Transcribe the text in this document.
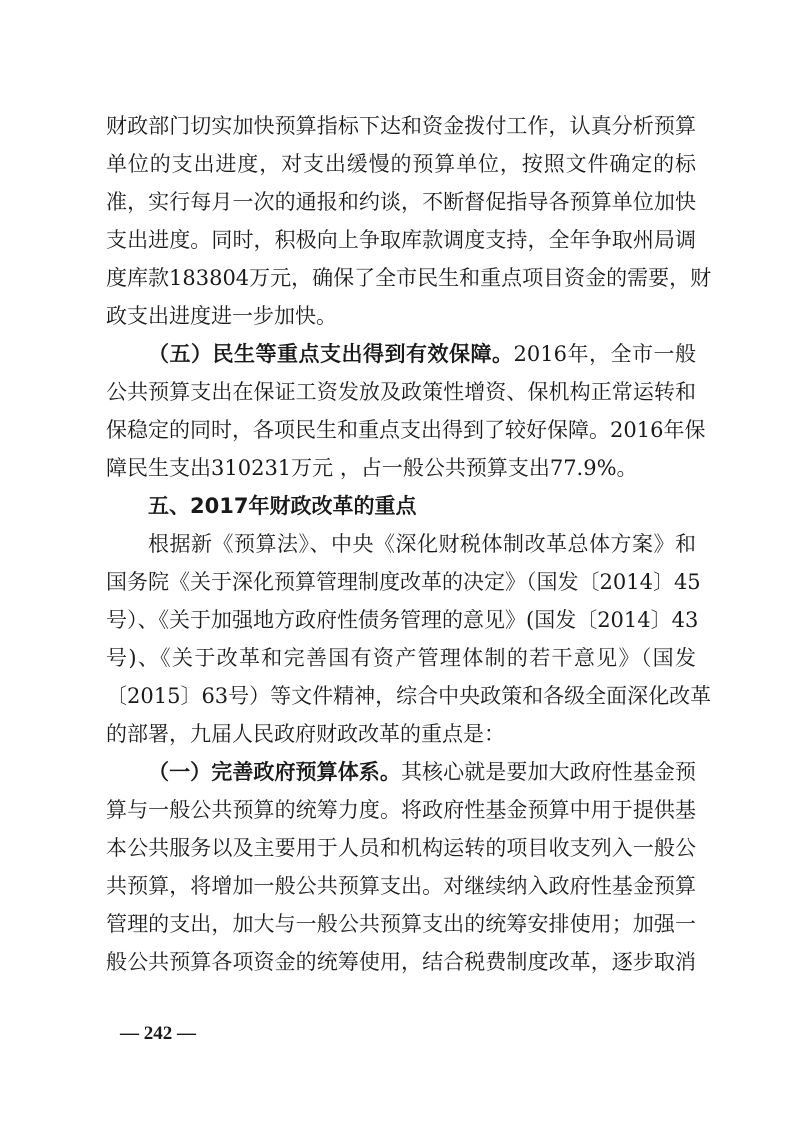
财政部门切实加快预算指标下达和资金拨付工作，认真分析预算
单位的支出进度，对支出缓慢的预算单位，按照文件确定的标
准，实行每月一次的通报和约谈，不断督促指导各预算单位加快
支出进度。同时，积极向上争取库款调度支持，全年争取州局调
度库款183804万元，确保了全市民生和重点项目资金的需要，财
政支出进度进一步加快。
（五）民生等重点支出得到有效保障。2016年，全市一般
公共预算支出在保证工资发放及政策性增资、保机构正常运转和
保稳定的同时，各项民生和重点支出得到了较好保障。2016年保
障民生支出310231万元 ，占一般公共预算支出77.9%。
五、2017年财政改革的重点
根据新《预算法》、中央《深化财税体制改革总体方案》和
国务院《关于深化预算管理制度改革的决定》（国发〔2014〕45
号）、《关于加强地方政府性债务管理的意见》(国发〔2014〕43
号)、《关于改革和完善国有资产管理体制的若干意见》（国发
〔2015〕63号）等文件精神，综合中央政策和各级全面深化改革
的部署，九届人民政府财政改革的重点是：
（一）完善政府预算体系。其核心就是要加大政府性基金预
算与一般公共预算的统筹力度。将政府性基金预算中用于提供基
本公共服务以及主要用于人员和机构运转的项目收支列入一般公
共预算，将增加一般公共预算支出。对继续纳入政府性基金预算
管理的支出，加大与一般公共预算支出的统筹安排使用；加强一
般公共预算各项资金的统筹使用，结合税费制度改革，逐步取消
— 242 —
